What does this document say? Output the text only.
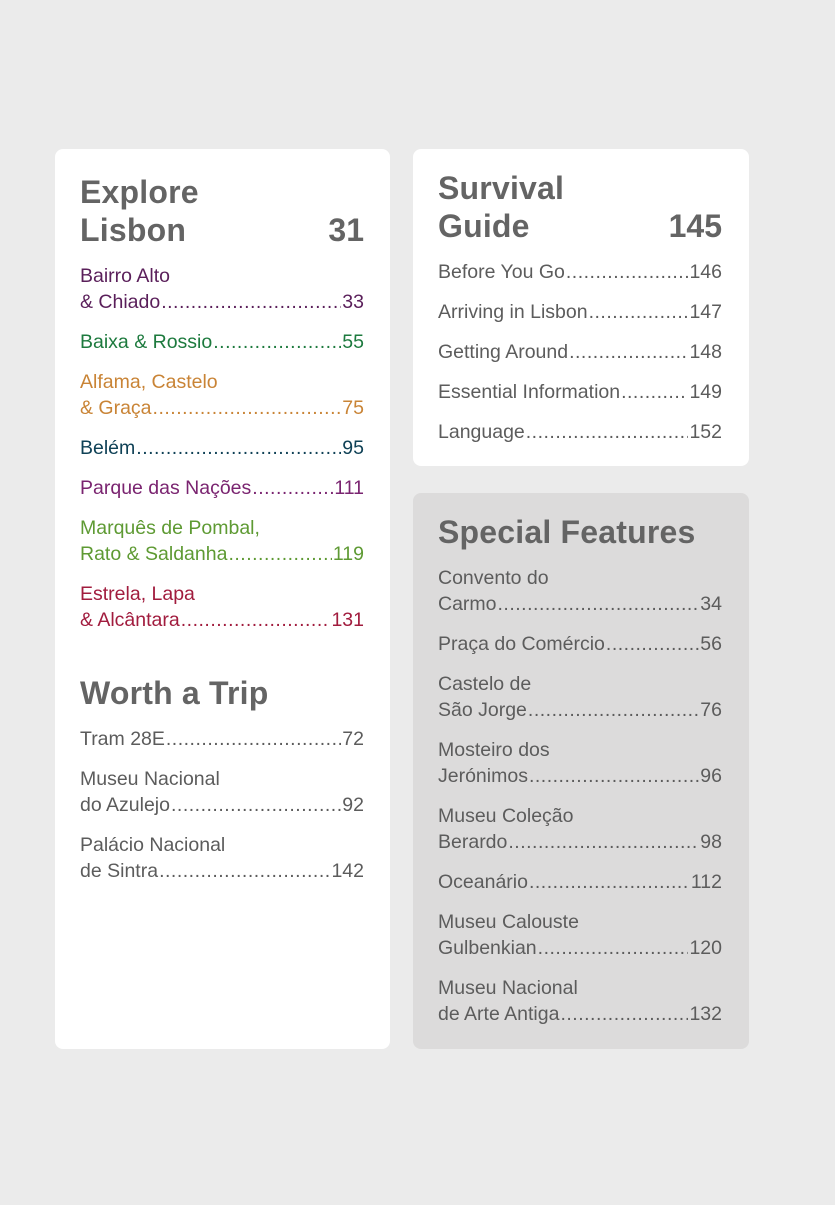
Explore
Lisbon	31
Bairro Alto
& Chiado .....	33
Baixa & Rossio .....	55
Alfama, Castelo
& Graça .....	75
Belém .....	95
Parque das Nações .....	111
Marquês de Pombal,
Rato & Saldanha .....	119
Estrela, Lapa
& Alcântara .....	131
Worth a Trip
Tram 28E .....	72
Museu Nacional
do Azulejo .....	92
Palácio Nacional
de Sintra .....	142
Survival
Guide	145
Before You Go .....	146
Arriving in Lisbon .....	147
Getting Around .....	148
Essential Information .....	149
Language .....	152
Special Features
Convento do
Carmo .....	34
Praça do Comércio .....	56
Castelo de
São Jorge .....	76
Mosteiro dos
Jerónimos .....	96
Museu Coleção
Berardo .....	98
Oceanário .....	112
Museu Calouste
Gulbenkian .....	120
Museu Nacional
de Arte Antiga .....	132
